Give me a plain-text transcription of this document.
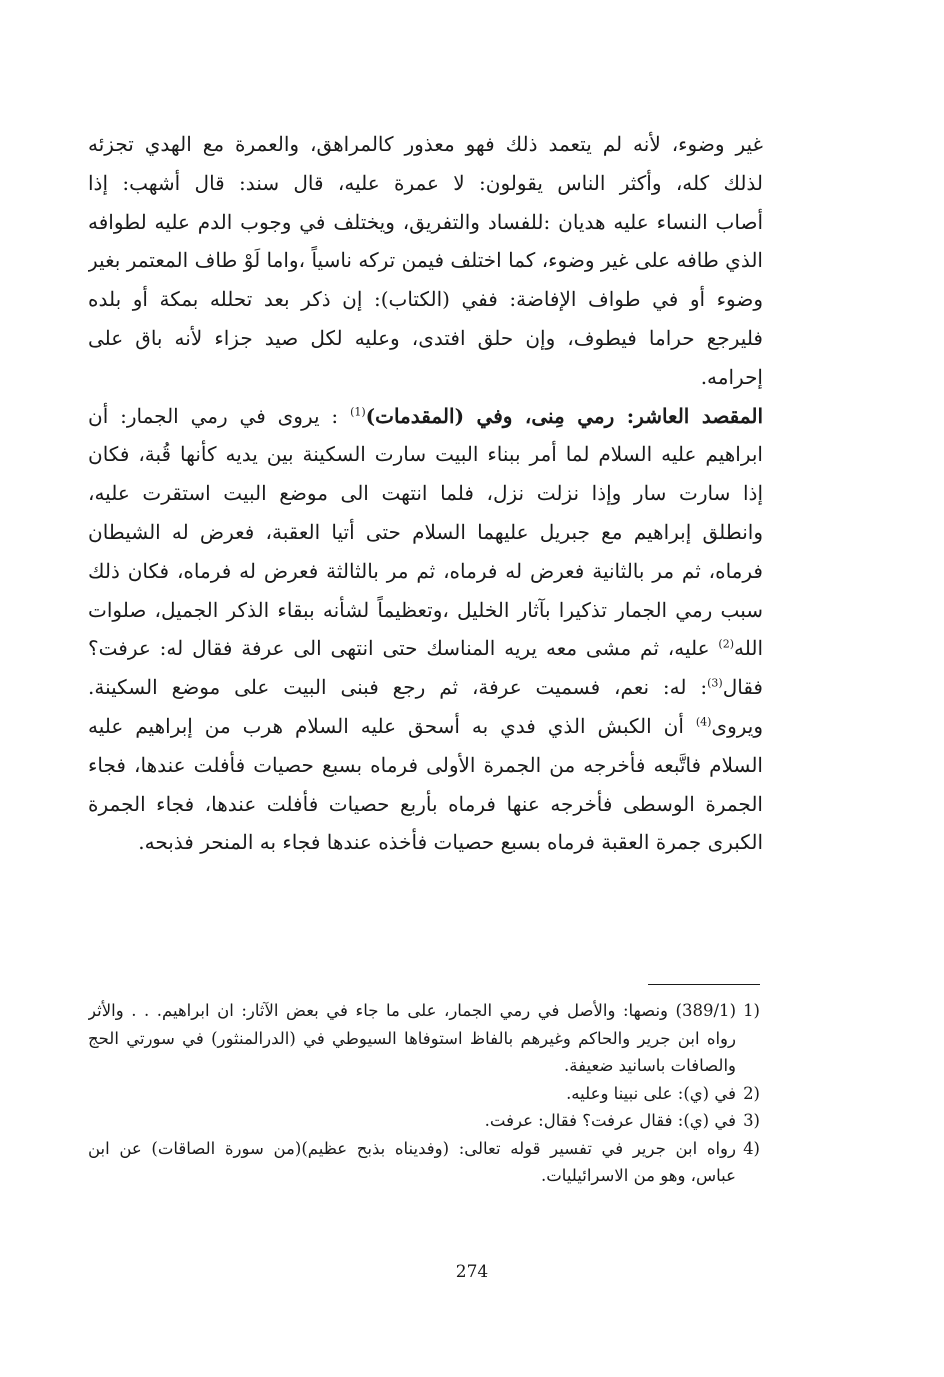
غير وضوء، لأنه لم يتعمد ذلك فهو معذور كالمراهق، والعمرة مع الهدي تجزئه
لذلك كله، وأكثر الناس يقولون: لا عمرة عليه، قال سند: قال أشهب: إذا
أصاب النساء عليه هديان :للفساد والتفريق، ويختلف في وجوب الدم عليه لطوافه
الذي طافه على غير وضوء، كما اختلف فيمن تركه ناسياً ،واما لَوْ طاف المعتمر بغير
وضوء أو في طواف الإفاضة: ففي (الكتاب): إن ذكر بعد تحلله بمكة أو بلده
فليرجع حراما فيطوف، وإن حلق افتدى، وعليه لكل صيد جزاء لأنه باق على
إحرامه.
المقصد العاشر: رمي مِنى، وفي (المقدمات)$^{(1)}$ : يروى في رمي الجمار: أن
ابراهيم عليه السلام لما أمر ببناء البيت سارت السكينة بين يديه كأنها قُبة، فكان
إذا سارت سار وإذا نزلت نزل، فلما انتهت الى موضع البيت استقرت عليه،
وانطلق إبراهيم مع جبريل عليهما السلام حتى أتيا العقبة، فعرض له الشيطان
فرماه، ثم مر بالثانية فعرض له فرماه، ثم مر بالثالثة فعرض له فرماه، فكان ذلك
سبب رمي الجمار تذكيرا بآثار الخليل ،وتعظيماً لشأنه ببقاء الذكر الجميل، صلوات
الله$^{(2)}$ عليه، ثم مشى معه يريه المناسك حتى انتهى الى عرفة فقال له: عرفت؟
فقال$^{(3)}$: له: نعم، فسميت عرفة، ثم رجع فبنى البيت على موضع السكينة.
ويروى$^{(4)}$ أن الكبش الذي فدي به أسحق عليه السلام هرب من إبراهيم عليه
السلام فاتَّبعه فأخرجه من الجمرة الأولى فرماه بسبع حصيات فأفلت عندها، فجاء
الجمرة الوسطى فأخرجه عنها فرماه بأربع حصيات فأفلت عندها، فجاء الجمرة
الكبرى جمرة العقبة فرماه بسبع حصيات فأخذه عندها فجاء به المنحر فذبحه.
1)
(389/1) ونصها: والأصل في رمي الجمار، على ما جاء في بعض الآثار: ان ابراهيم. . . والأثر
رواه ابن جرير والحاكم وغيرهم بالفاظ استوفاها السيوطي في (الدرالمنثور) في سورتي الحج
والصافات باسانيد ضعيفة.
2)
في (ي): على نبينا وعليه.
3)
في (ي): فقال عرفت؟ فقال: عرفت.
4)
رواه ابن جرير في تفسير قوله تعالى: (وفديناه بذبح عظيم)(من سورة الصاقات) عن ابن
عباس، وهو من الاسرائيليات.
274
